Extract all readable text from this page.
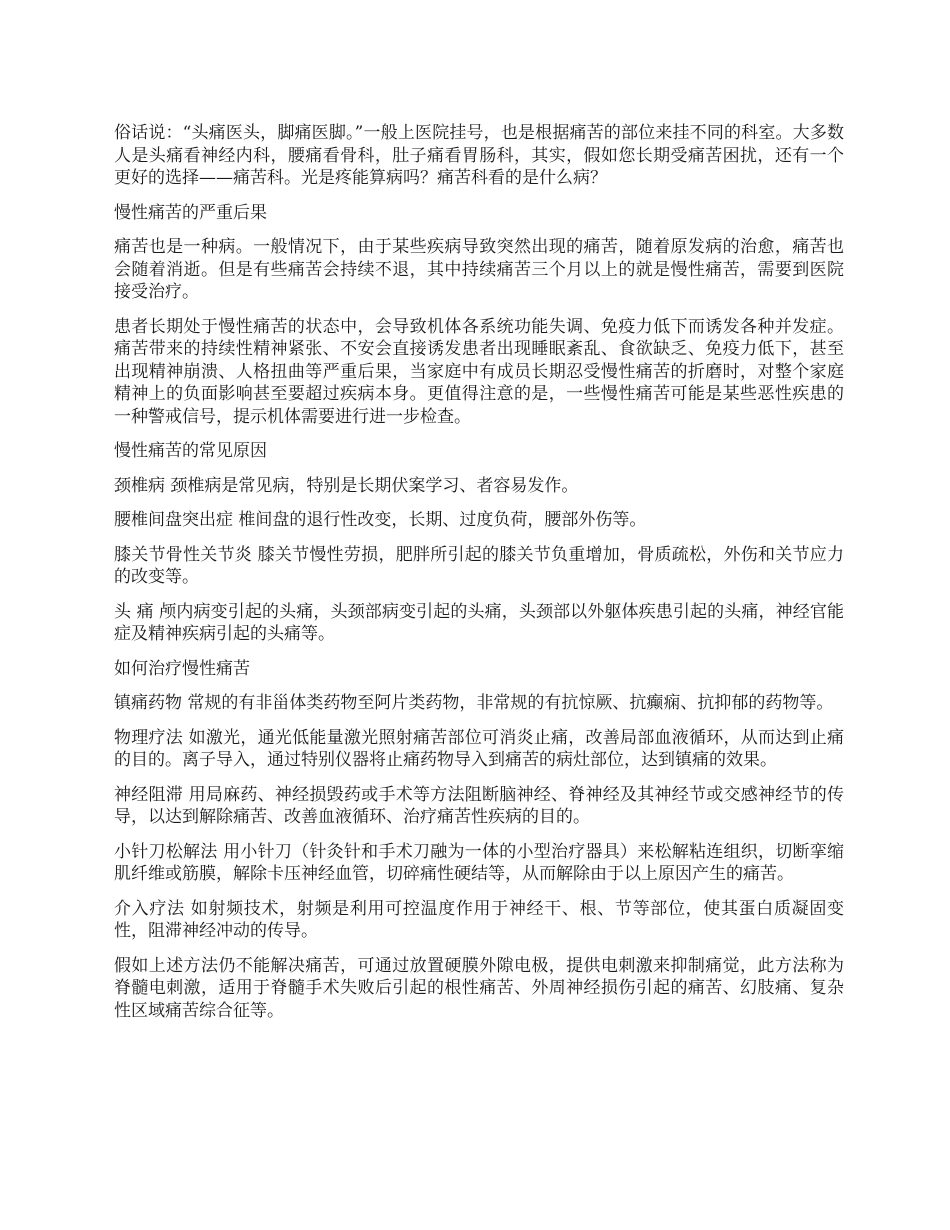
俗话说：“头痛医头，脚痛医脚。”一般上医院挂号，也是根据痛苦的部位来挂不同的科室。大多数人是头痛看神经内科，腰痛看骨科，肚子痛看胃肠科，其实，假如您长期受痛苦困扰，还有一个更好的选择——痛苦科。光是疼能算病吗？痛苦科看的是什么病？

慢性痛苦的严重后果

痛苦也是一种病。一般情况下，由于某些疾病导致突然出现的痛苦，随着原发病的治愈，痛苦也会随着消逝。但是有些痛苦会持续不退，其中持续痛苦三个月以上的就是慢性痛苦，需要到医院接受治疗。

患者长期处于慢性痛苦的状态中，会导致机体各系统功能失调、免疫力低下而诱发各种并发症。痛苦带来的持续性精神紧张、不安会直接诱发患者出现睡眠紊乱、食欲缺乏、免疫力低下，甚至出现精神崩溃、人格扭曲等严重后果，当家庭中有成员长期忍受慢性痛苦的折磨时，对整个家庭精神上的负面影响甚至要超过疾病本身。更值得注意的是，一些慢性痛苦可能是某些恶性疾患的一种警戒信号，提示机体需要进行进一步检查。

慢性痛苦的常见原因

颈椎病 颈椎病是常见病，特别是长期伏案学习、者容易发作。

腰椎间盘突出症 椎间盘的退行性改变，长期、过度负荷，腰部外伤等。

膝关节骨性关节炎 膝关节慢性劳损，肥胖所引起的膝关节负重增加，骨质疏松，外伤和关节应力的改变等。

头 痛 颅内病变引起的头痛，头颈部病变引起的头痛，头颈部以外躯体疾患引起的头痛，神经官能症及精神疾病引起的头痛等。

如何治疗慢性痛苦

镇痛药物 常规的有非甾体类药物至阿片类药物，非常规的有抗惊厥、抗癫痫、抗抑郁的药物等。

物理疗法 如激光，通光低能量激光照射痛苦部位可消炎止痛，改善局部血液循环，从而达到止痛的目的。离子导入，通过特别仪器将止痛药物导入到痛苦的病灶部位，达到镇痛的效果。

神经阻滞 用局麻药、神经损毁药或手术等方法阻断脑神经、脊神经及其神经节或交感神经节的传导，以达到解除痛苦、改善血液循环、治疗痛苦性疾病的目的。

小针刀松解法 用小针刀（针灸针和手术刀融为一体的小型治疗器具）来松解粘连组织，切断挛缩肌纤维或筋膜，解除卡压神经血管，切碎痛性硬结等，从而解除由于以上原因产生的痛苦。

介入疗法 如射频技术，射频是利用可控温度作用于神经干、根、节等部位，使其蛋白质凝固变性，阻滞神经冲动的传导。

假如上述方法仍不能解决痛苦，可通过放置硬膜外隙电极，提供电刺激来抑制痛觉，此方法称为脊髓电刺激，适用于脊髓手术失败后引起的根性痛苦、外周神经损伤引起的痛苦、幻肢痛、复杂性区域痛苦综合征等。
